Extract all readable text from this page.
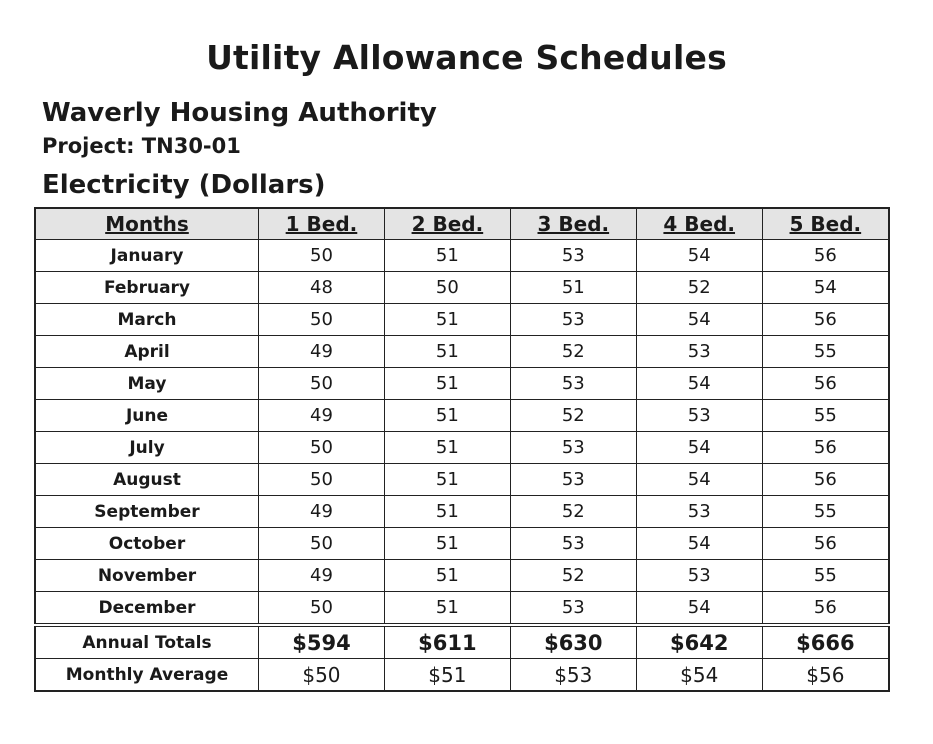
Utility Allowance Schedules
Waverly Housing Authority
Project: TN30-01
Electricity (Dollars)
Months	1 Bed.	2 Bed.	3 Bed.	4 Bed.	5 Bed.
January	50	51	53	54	56
February	48	50	51	52	54
March	50	51	53	54	56
April	49	51	52	53	55
May	50	51	53	54	56
June	49	51	52	53	55
July	50	51	53	54	56
August	50	51	53	54	56
September	49	51	52	53	55
October	50	51	53	54	56
November	49	51	52	53	55
December	50	51	53	54	56
Annual Totals	$594	$611	$630	$642	$666
Monthly Average	$50	$51	$53	$54	$56
